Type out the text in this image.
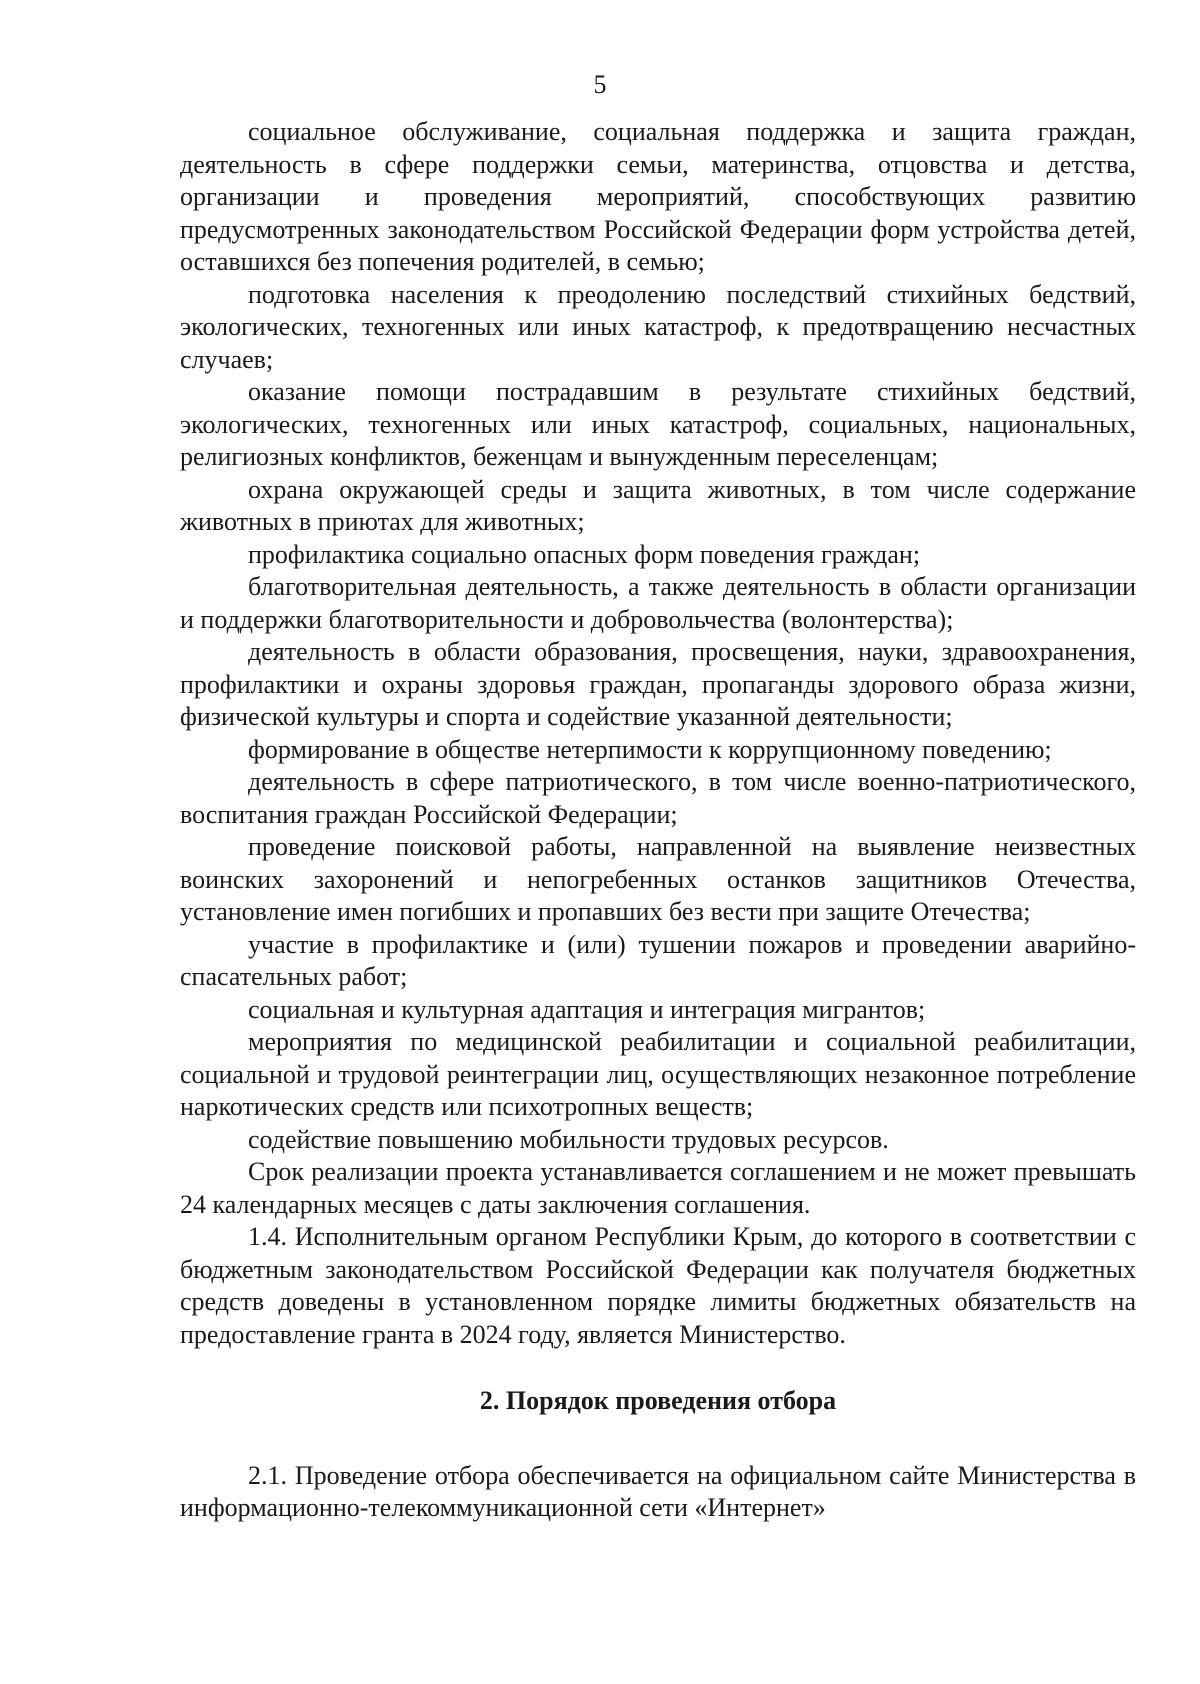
5

социальное обслуживание, социальная поддержка и защита граждан, деятельность в сфере поддержки семьи, материнства, отцовства и детства, организации и проведения мероприятий, способствующих развитию предусмотренных законодательством Российской Федерации форм устройства детей, оставшихся без попечения родителей, в семью;

подготовка населения к преодолению последствий стихийных бедствий, экологических, техногенных или иных катастроф, к предотвращению несчастных случаев;

оказание помощи пострадавшим в результате стихийных бедствий, экологических, техногенных или иных катастроф, социальных, национальных, религиозных конфликтов, беженцам и вынужденным переселенцам;

охрана окружающей среды и защита животных, в том числе содержание животных в приютах для животных;

профилактика социально опасных форм поведения граждан;

благотворительная деятельность, а также деятельность в области организации и поддержки благотворительности и добровольчества (волонтерства);

деятельность в области образования, просвещения, науки, здравоохранения, профилактики и охраны здоровья граждан, пропаганды здорового образа жизни, физической культуры и спорта и содействие указанной деятельности;

формирование в обществе нетерпимости к коррупционному поведению;

деятельность в сфере патриотического, в том числе военно-патриотического, воспитания граждан Российской Федерации;

проведение поисковой работы, направленной на выявление неизвестных воинских захоронений и непогребенных останков защитников Отечества, установление имен погибших и пропавших без вести при защите Отечества;

участие в профилактике и (или) тушении пожаров и проведении аварийно-спасательных работ;

социальная и культурная адаптация и интеграция мигрантов;

мероприятия по медицинской реабилитации и социальной реабилитации, социальной и трудовой реинтеграции лиц, осуществляющих незаконное потребление наркотических средств или психотропных веществ;

содействие повышению мобильности трудовых ресурсов.

Срок реализации проекта устанавливается соглашением и не может превышать 24 календарных месяцев с даты заключения соглашения.

1.4. Исполнительным органом Республики Крым, до которого в соответствии с бюджетным законодательством Российской Федерации как получателя бюджетных средств доведены в установленном порядке лимиты бюджетных обязательств на предоставление гранта в 2024 году, является Министерство.

2. Порядок проведения отбора

2.1. Проведение отбора обеспечивается на официальном сайте Министерства в информационно-телекоммуникационной сети «Интернет»
